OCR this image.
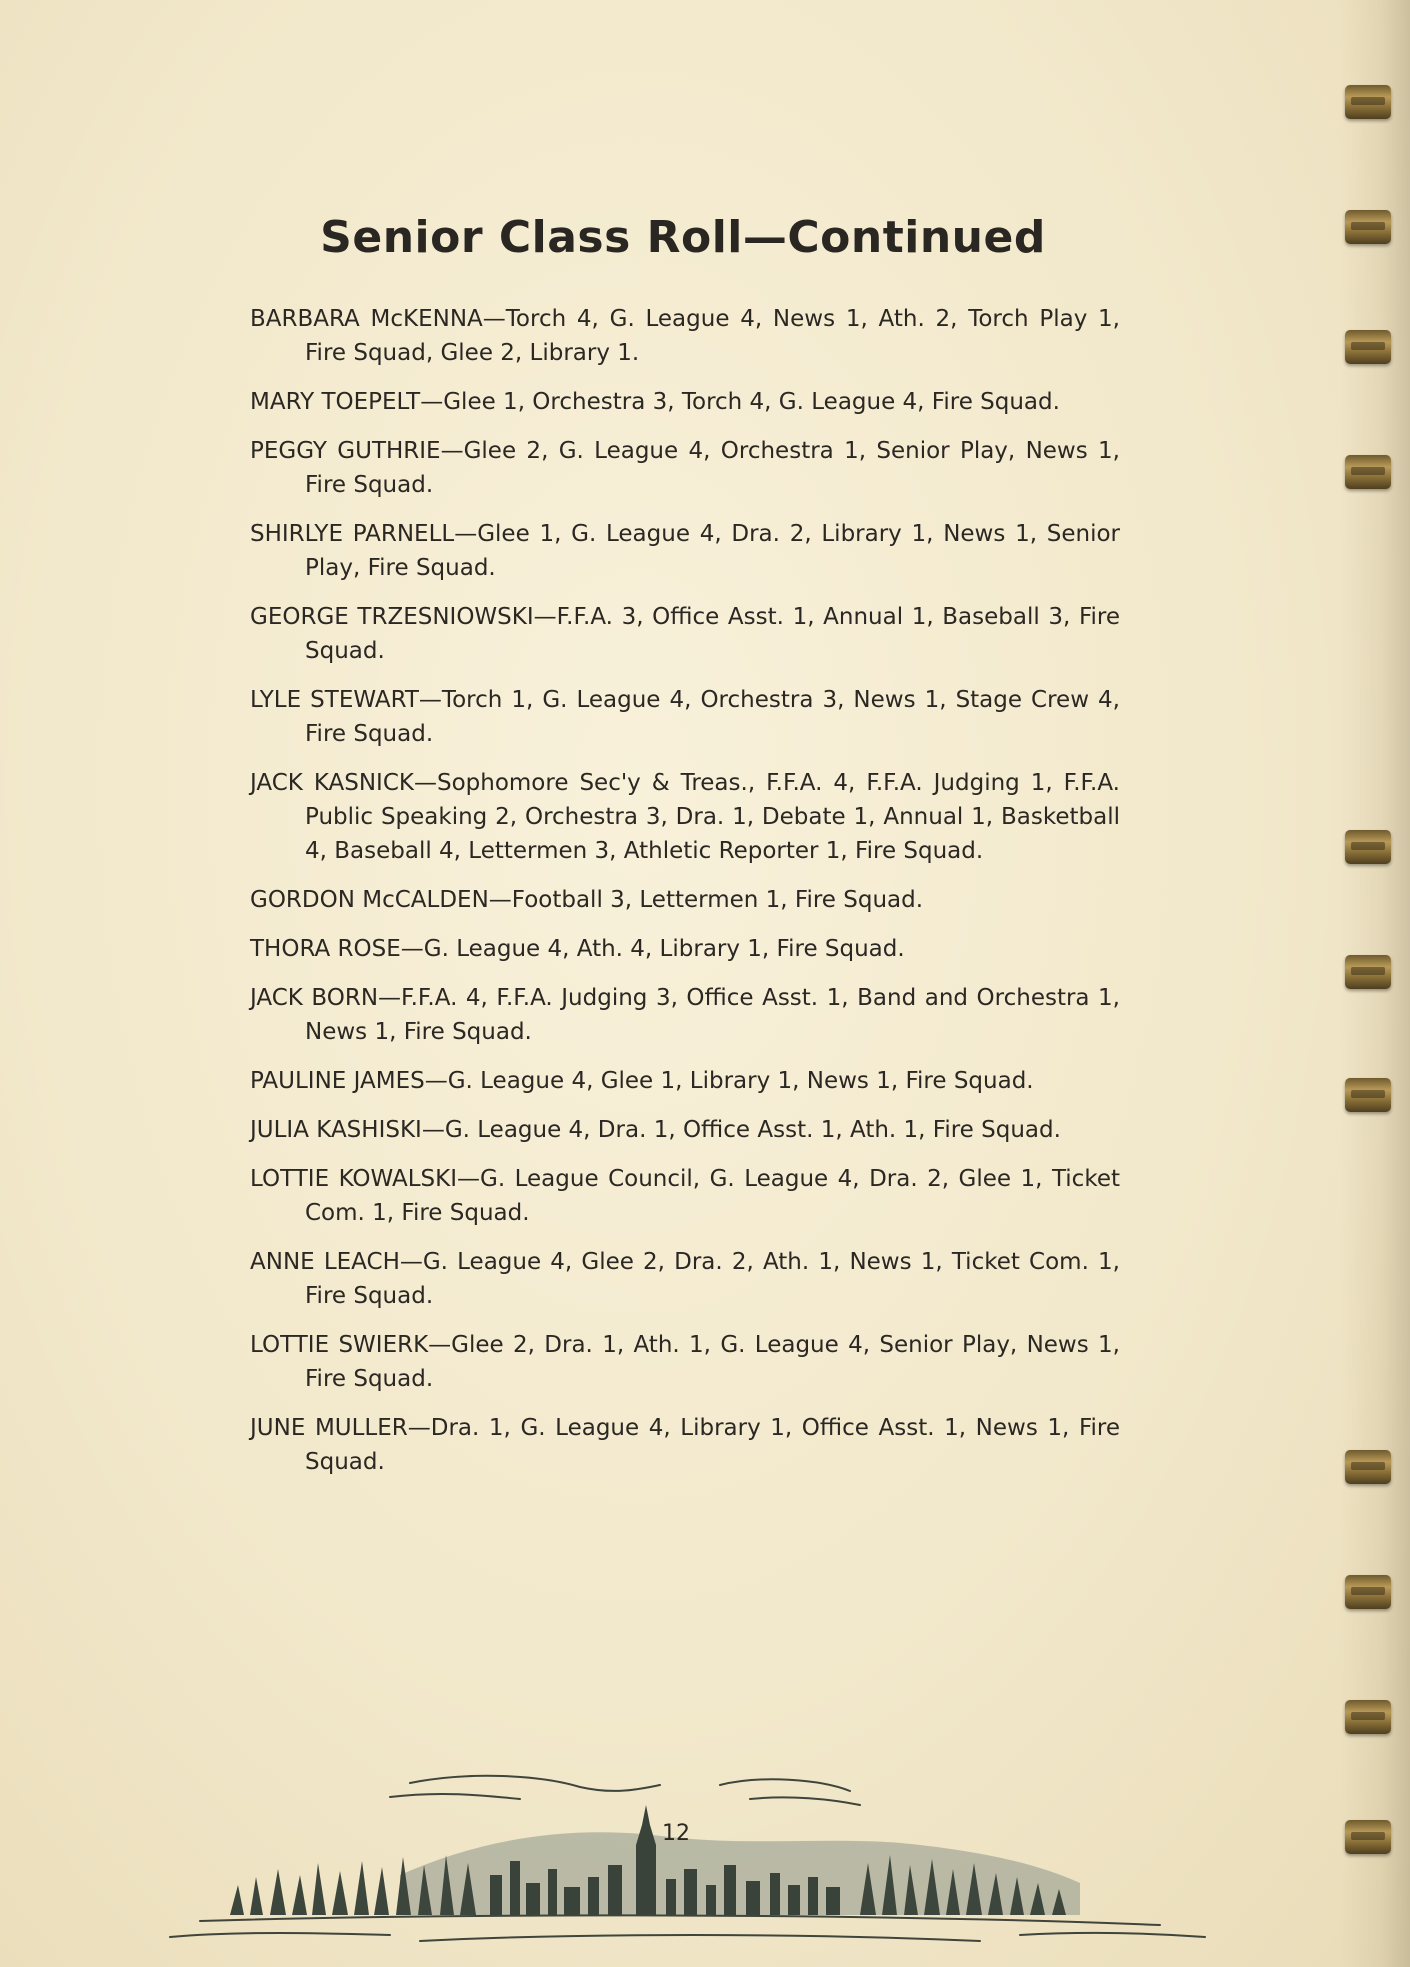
Senior Class Roll—Continued
BARBARA McKENNA—Torch 4, G. League 4, News 1, Ath. 2, Torch Play 1, Fire Squad, Glee 2, Library 1.
MARY TOEPELT—Glee 1, Orchestra 3, Torch 4, G. League 4, Fire Squad.
PEGGY GUTHRIE—Glee 2, G. League 4, Orchestra 1, Senior Play, News 1, Fire Squad.
SHIRLYE PARNELL—Glee 1, G. League 4, Dra. 2, Library 1, News 1, Senior Play, Fire Squad.
GEORGE TRZESNIOWSKI—F.F.A. 3, Office Asst. 1, Annual 1, Baseball 3, Fire Squad.
LYLE STEWART—Torch 1, G. League 4, Orchestra 3, News 1, Stage Crew 4, Fire Squad.
JACK KASNICK—Sophomore Sec'y & Treas., F.F.A. 4, F.F.A. Judging 1, F.F.A. Public Speaking 2, Orchestra 3, Dra. 1, Debate 1, Annual 1, Basketball 4, Baseball 4, Lettermen 3, Athletic Reporter 1, Fire Squad.
GORDON McCALDEN—Football 3, Lettermen 1, Fire Squad.
THORA ROSE—G. League 4, Ath. 4, Library 1, Fire Squad.
JACK BORN—F.F.A. 4, F.F.A. Judging 3, Office Asst. 1, Band and Orchestra 1, News 1, Fire Squad.
PAULINE JAMES—G. League 4, Glee 1, Library 1, News 1, Fire Squad.
JULIA KASHISKI—G. League 4, Dra. 1, Office Asst. 1, Ath. 1, Fire Squad.
LOTTIE KOWALSKI—G. League Council, G. League 4, Dra. 2, Glee 1, Ticket Com. 1, Fire Squad.
ANNE LEACH—G. League 4, Glee 2, Dra. 2, Ath. 1, News 1, Ticket Com. 1, Fire Squad.
LOTTIE SWIERK—Glee 2, Dra. 1, Ath. 1, G. League 4, Senior Play, News 1, Fire Squad.
JUNE MULLER—Dra. 1, G. League 4, Library 1, Office Asst. 1, News 1, Fire Squad.
12
